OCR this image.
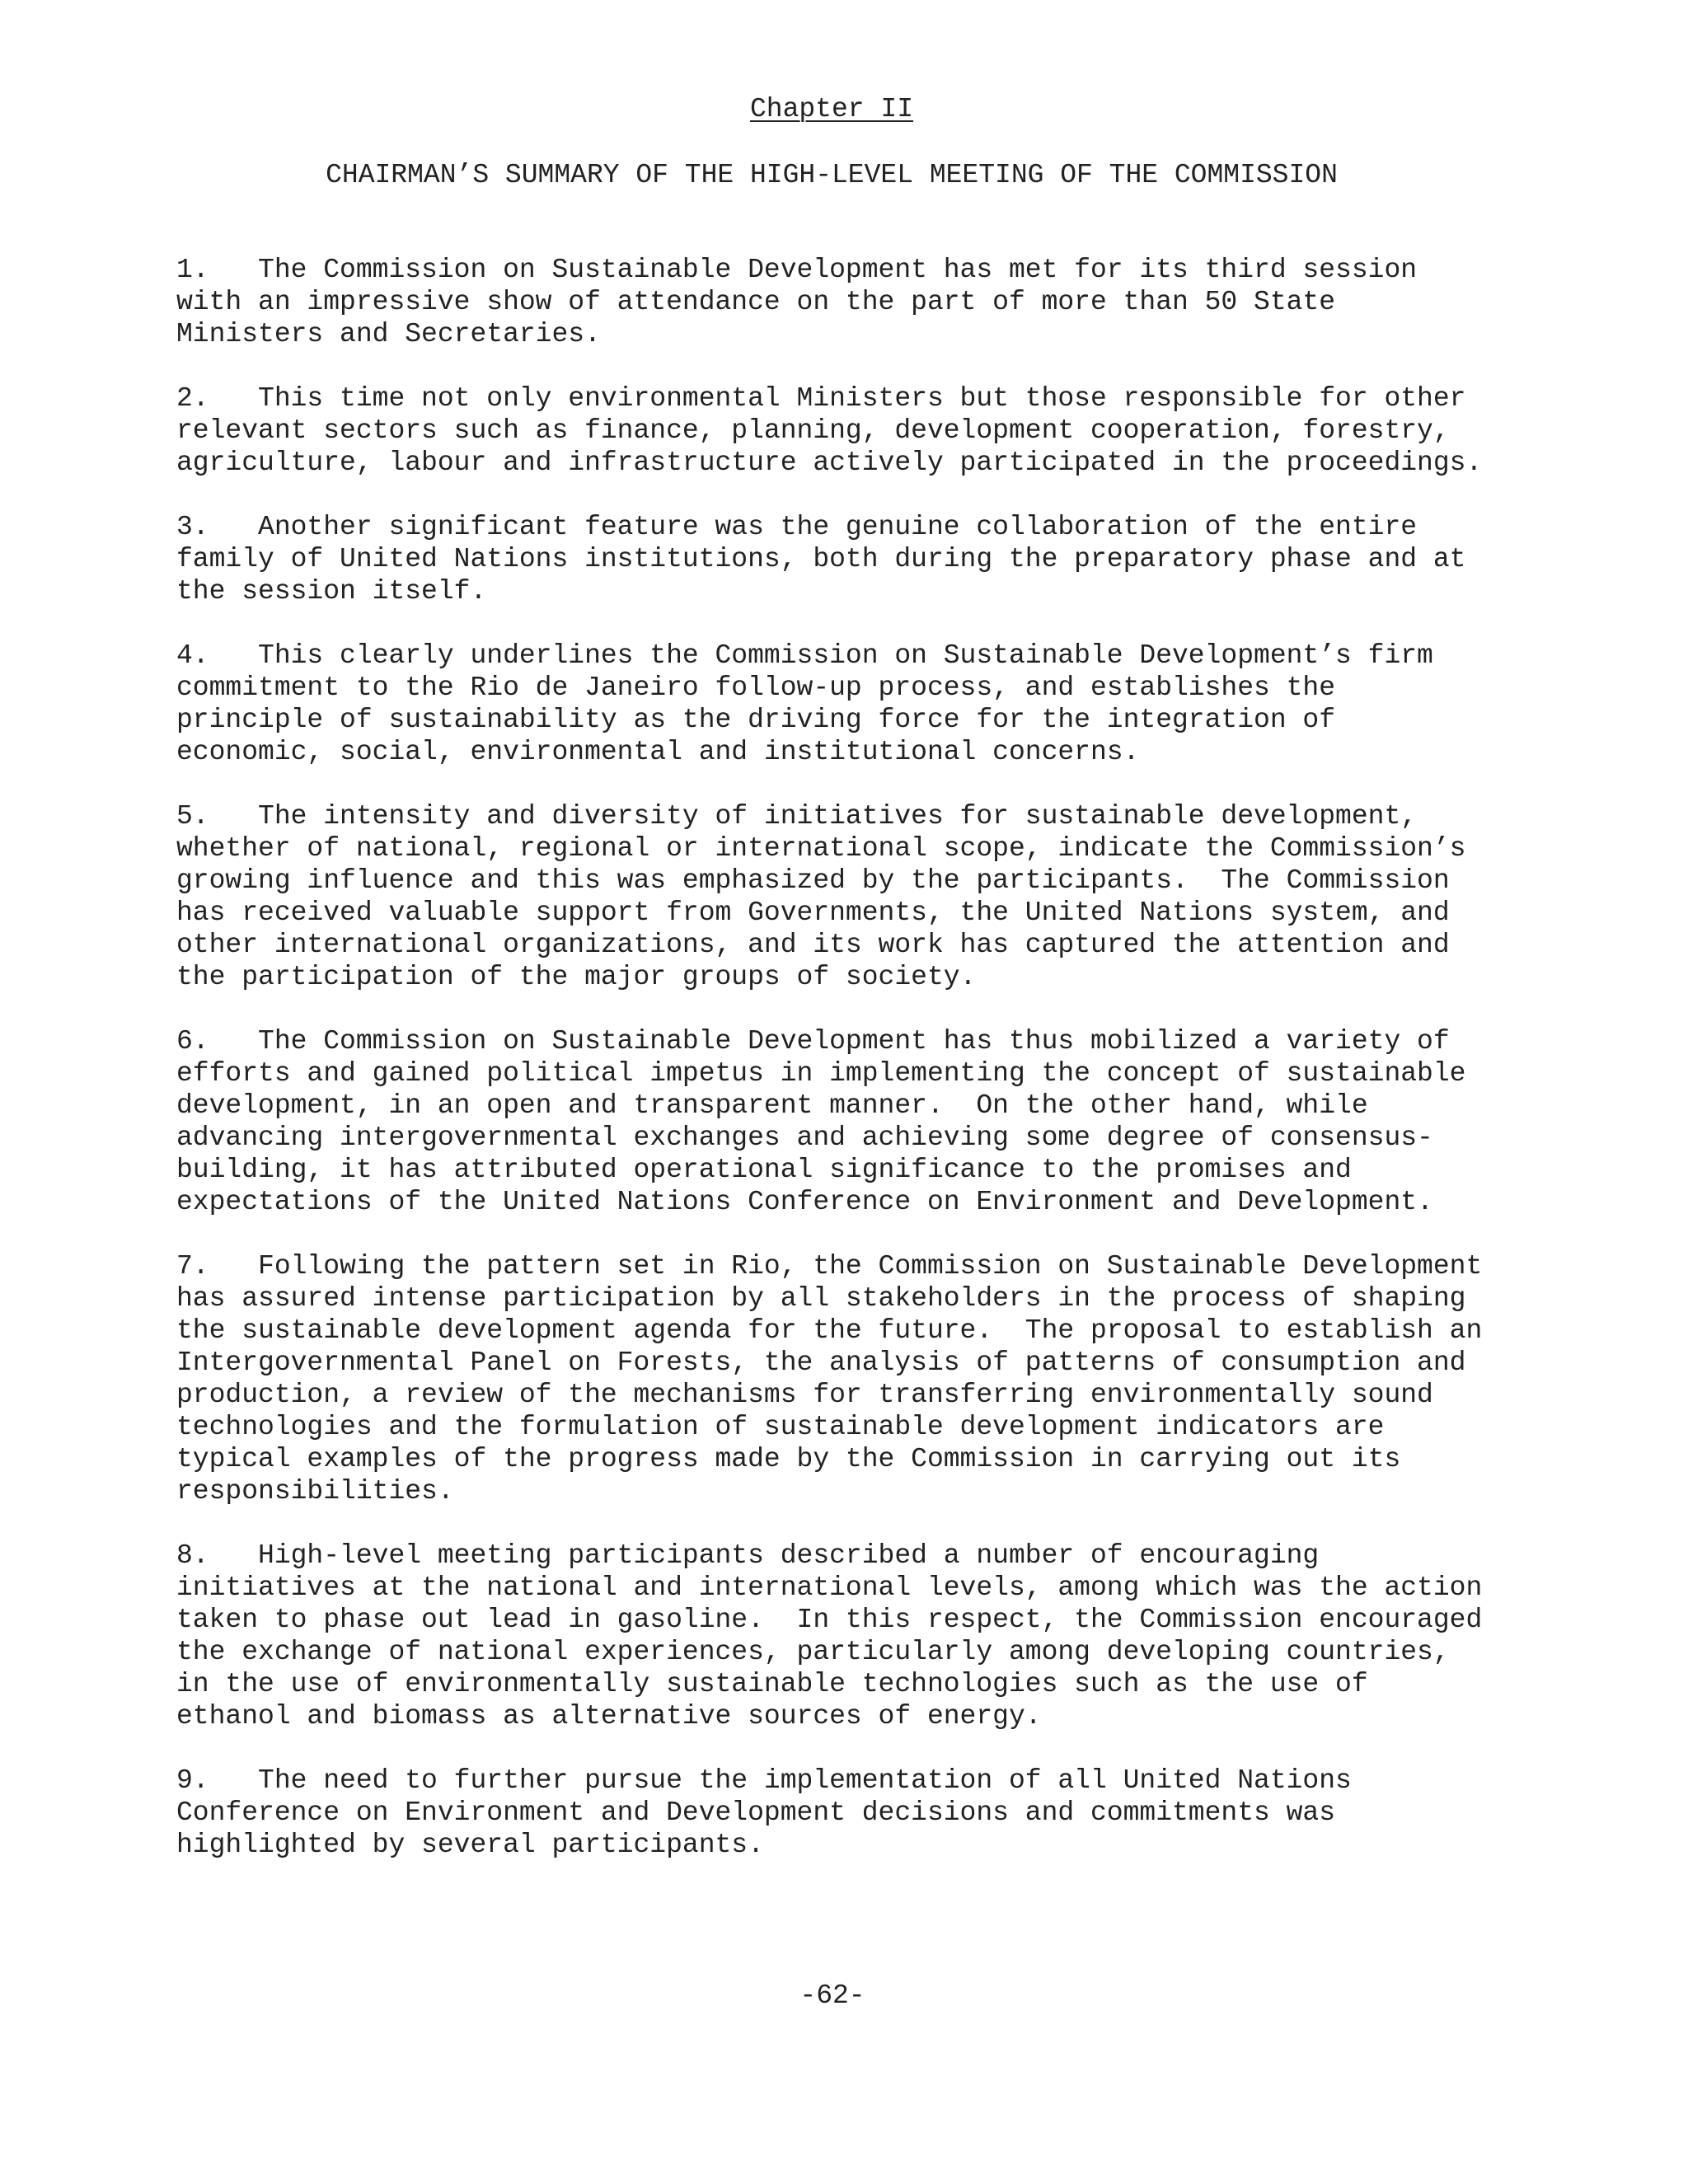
Chapter II
CHAIRMAN’S SUMMARY OF THE HIGH-LEVEL MEETING OF THE COMMISSION

1.   The Commission on Sustainable Development has met for its third session
with an impressive show of attendance on the part of more than 50 State
Ministers and Secretaries.

2.   This time not only environmental Ministers but those responsible for other
relevant sectors such as finance, planning, development cooperation, forestry,
agriculture, labour and infrastructure actively participated in the proceedings.

3.   Another significant feature was the genuine collaboration of the entire
family of United Nations institutions, both during the preparatory phase and at
the session itself.

4.   This clearly underlines the Commission on Sustainable Development’s firm
commitment to the Rio de Janeiro follow-up process, and establishes the
principle of sustainability as the driving force for the integration of
economic, social, environmental and institutional concerns.

5.   The intensity and diversity of initiatives for sustainable development,
whether of national, regional or international scope, indicate the Commission’s
growing influence and this was emphasized by the participants.  The Commission
has received valuable support from Governments, the United Nations system, and
other international organizations, and its work has captured the attention and
the participation of the major groups of society.

6.   The Commission on Sustainable Development has thus mobilized a variety of
efforts and gained political impetus in implementing the concept of sustainable
development, in an open and transparent manner.  On the other hand, while
advancing intergovernmental exchanges and achieving some degree of consensus-
building, it has attributed operational significance to the promises and
expectations of the United Nations Conference on Environment and Development.

7.   Following the pattern set in Rio, the Commission on Sustainable Development
has assured intense participation by all stakeholders in the process of shaping
the sustainable development agenda for the future.  The proposal to establish an
Intergovernmental Panel on Forests, the analysis of patterns of consumption and
production, a review of the mechanisms for transferring environmentally sound
technologies and the formulation of sustainable development indicators are
typical examples of the progress made by the Commission in carrying out its
responsibilities.

8.   High-level meeting participants described a number of encouraging
initiatives at the national and international levels, among which was the action
taken to phase out lead in gasoline.  In this respect, the Commission encouraged
the exchange of national experiences, particularly among developing countries,
in the use of environmentally sustainable technologies such as the use of
ethanol and biomass as alternative sources of energy.

9.   The need to further pursue the implementation of all United Nations
Conference on Environment and Development decisions and commitments was
highlighted by several participants.

-62-
